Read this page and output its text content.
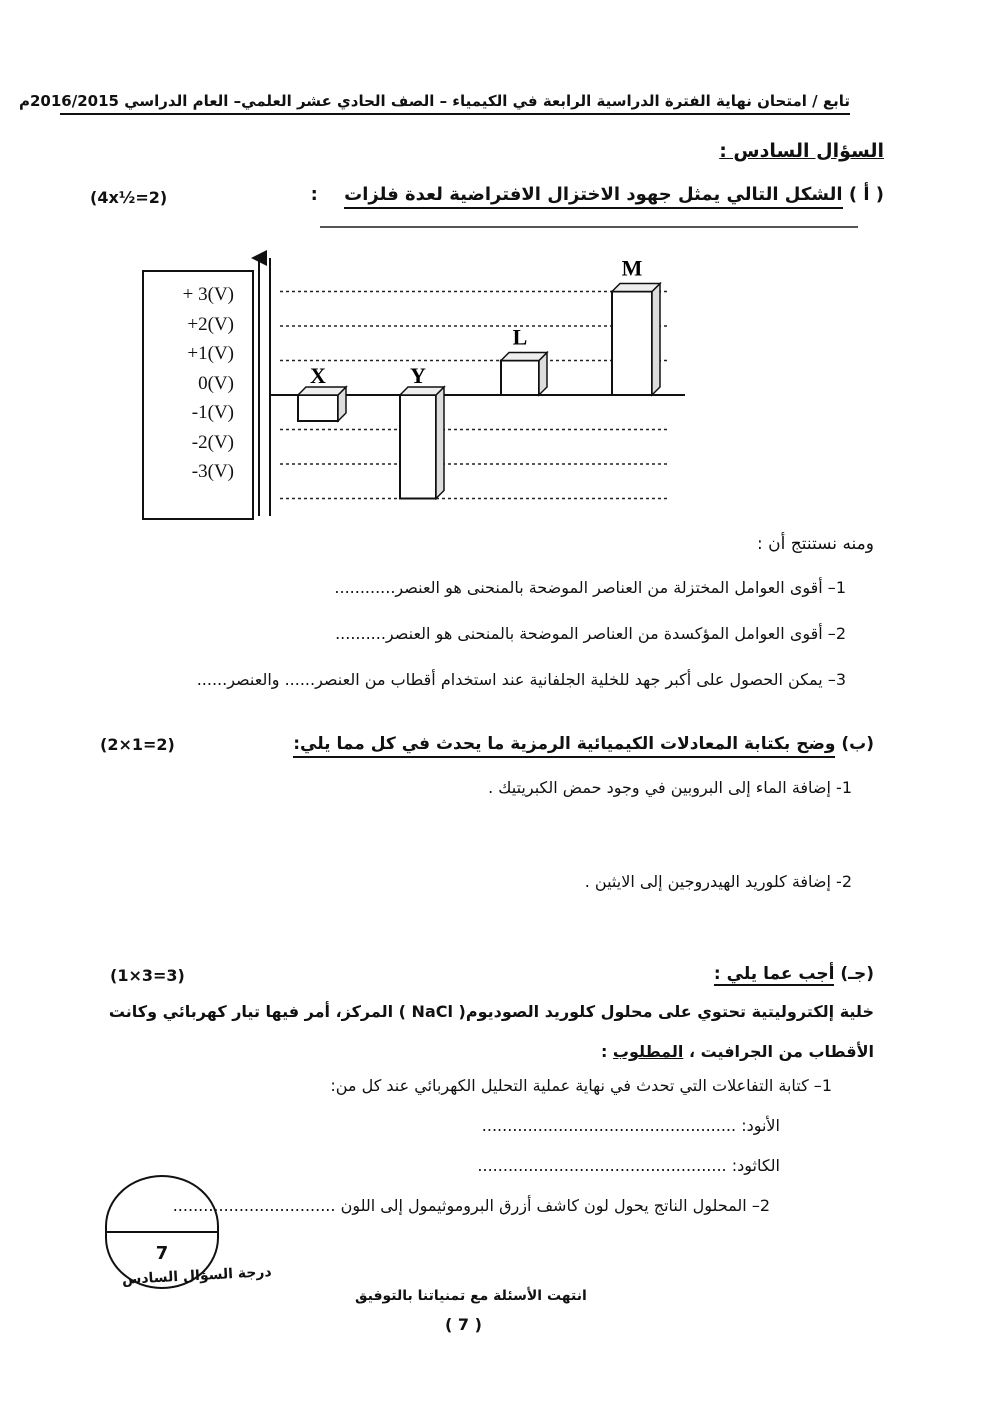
تابع / امتحان نهاية الفترة الدراسية الرابعة في الكيمياء – الصف الحادي عشر العلمي– العام الدراسي 2016/2015م
السؤال السادس :
( أ ) الشكل التالي يمثل جهود الاختزال الافتراضية لعدة فلزات :
(4x½=2)
+ 3(V)
+2(V)
+1(V)
0(V)
-1(V)
-2(V)
-3(V)
X	Y
L
M
ومنه نستنتج أن :
1– أقوى العوامل المختزلة من العناصر الموضحة بالمنحنى هو العنصر............
2– أقوى العوامل المؤكسدة من العناصر الموضحة بالمنحنى هو العنصر..........
3– يمكن الحصول على أكبر جهد للخلية الجلفانية عند استخدام أقطاب من العنصر...... والعنصر......
(ب) وضح بكتابة المعادلات الكيميائية الرمزية ما يحدث في كل مما يلي:
(2×1=2)
1- إضافة الماء إلى البروبين في وجود حمض الكبريتيك .
2- إضافة كلوريد الهيدروجين إلى الايثين .
(جـ) أجب عما يلي :
(1×3=3)
خلية إلكتروليتية تحتوي على محلول كلوريد الصوديوم( NaCl ) المركز، أمر فيها تيار كهربائي وكانت
الأقطاب من الجرافيت ، المطلوب :
1– كتابة التفاعلات التي تحدث في نهاية عملية التحليل الكهربائي عند كل من:
الأنود: ..................................................
الكاثود: .................................................
2– المحلول الناتج يحول لون كاشف أزرق البروموثيمول إلى اللون ................................
7
درجة السؤال السادس
انتهت الأسئلة مع تمنياتنا بالتوفيق
( 7 )
